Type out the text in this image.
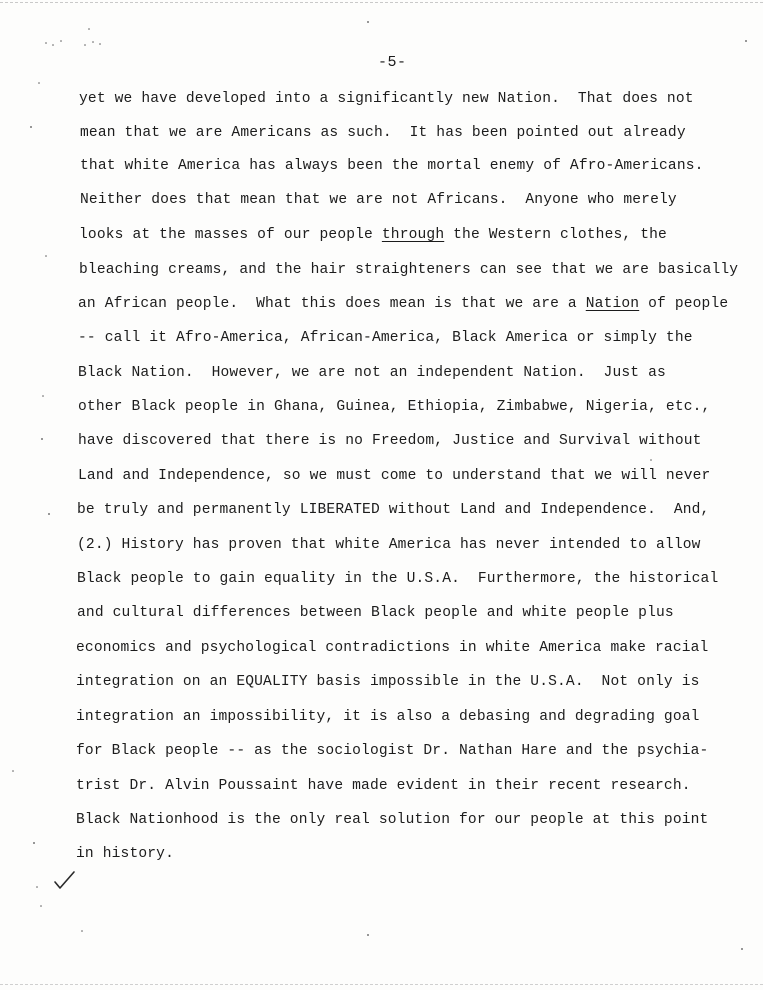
-5-
yet we have developed into a significantly new Nation.  That does not
mean that we are Americans as such.  It has been pointed out already
that white America has always been the mortal enemy of Afro-Americans.
Neither does that mean that we are not Africans.  Anyone who merely
looks at the masses of our people through the Western clothes, the
bleaching creams, and the hair straighteners can see that we are basically
an African people.  What this does mean is that we are a Nation of people
-- call it Afro-America, African-America, Black America or simply the
Black Nation.  However, we are not an independent Nation.  Just as
other Black people in Ghana, Guinea, Ethiopia, Zimbabwe, Nigeria, etc.,
have discovered that there is no Freedom, Justice and Survival without
Land and Independence, so we must come to understand that we will never
be truly and permanently LIBERATED without Land and Independence.  And,
(2.) History has proven that white America has never intended to allow
Black people to gain equality in the U.S.A.  Furthermore, the historical
and cultural differences between Black people and white people plus
economics and psychological contradictions in white America make racial
integration on an EQUALITY basis impossible in the U.S.A.  Not only is
integration an impossibility, it is also a debasing and degrading goal
for Black people -- as the sociologist Dr. Nathan Hare and the psychia-
trist Dr. Alvin Poussaint have made evident in their recent research.
Black Nationhood is the only real solution for our people at this point
in history.
